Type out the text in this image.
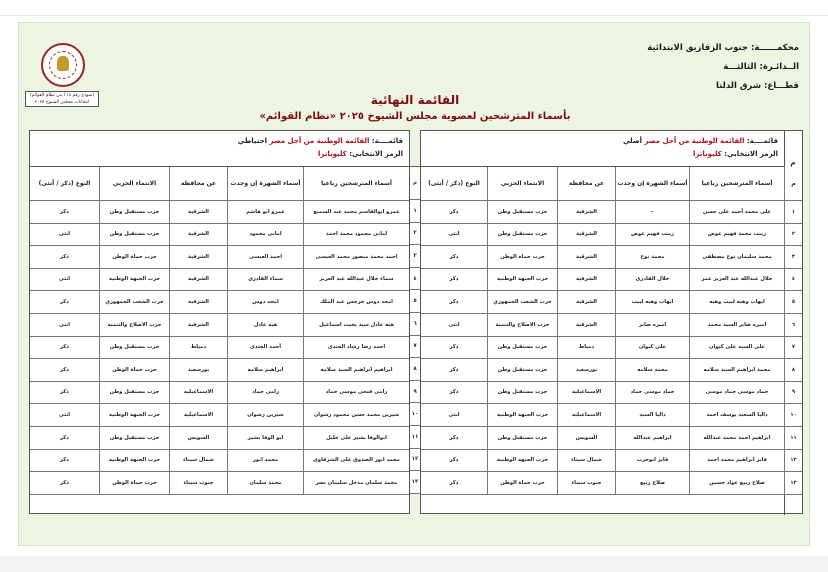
محكمــــــة: جنوب الزقازيق الابتدائية
الــدائـرة: الثالثـــة
قطـــاع: شرق الدلتا
(نموذج رقم ١٨ أ من نظام القوائم)
انتخابات مجلس الشيوخ ٢٠٢٥	القائمة النهائية
بأسماء المترشحين لعضوية مجلس الشيوخ ٢٠٢٥ «نظام القوائم»
م
قائمــــة: القائمة الوطنية من أجل مصر أصلي
الرمز الانتخابي: كليوباترا
م
أسماء المترشحين رباعيا
أسماء الشهرة إن وجدت
عن محافظة
الانتماء الحزبي
النوع (ذكر / أنثى)
١
على محمد أحمد على حسن
-
الشرقية
حزب مستقبل وطن
ذكر
٢
زينب محمد فهيم عوض
زينب فهيم عوض
الشرقية
حزب مستقبل وطن
انثى
٣
محمد سليمان نوح مصطفى
محمد نوح
الشرقية
حزب حماة الوطن
ذكر
٤
جلال عبدالله عبد العزيز عمر
جلال القادرى
الشرقية
حزب الجبهة الوطنية
ذكر
٥
ايهاب وهبه لبيب وهبه
ايهاب وهبه لبيب
الشرقية
حزب الشعب الجمهوري
ذكر
٦
اميره صابر السيد محمد
اميره صابر
الشرقية
حزب الاصلاح والتنمية
انثى
٧
على السيد على كيوان
على كيوان
دمياط
حزب مستقبل وطن
ذكر
٨
محمد ابراهيم السيد سلامه
محمد سلامه
بورسعيد
حزب مستقبل وطن
ذكر
٩
حماد موسى حماد موسى
حماد موسى حماد
الاسماعيلية
حزب مستقبل وطن
ذكر
١٠
داليا السعيد يوسف احمد
داليا السيد
الاسماعيلية
حزب الجبهة الوطنية
انثى
١١
ابراهيم احمد محمد عبدالله
ابراهيم عبدالله
السويس
حزب مستقبل وطن
ذكر
١٢
فايز ابراهيم محمد احمد
فايز ابوحرب
شمال سيناء
حزب الجبهة الوطنية
ذكر
١٣
صلاح ربيع عواد حسين
صلاح ربيع
جنوب سيناء
حزب حماة الوطن
ذكر
م
١
٢
٣
٤
٥
٦
٧
٨
٩
١٠
١١
١٢
١٣
قائمــــة: القائمة الوطنية من أجل مصر احتياطي
الرمز الانتخابي: كليوباترا
أسماء المترشحين رباعيا
أسماء الشهرة إن وجدت
عن محافظة
الانتماء الحزبي
النوع (ذكر / أنثى)
عمرو ابوالقاسم محمد عبد السميع
عمرو ابو هاشم
الشرقية
حزب مستقبل وطن
ذكر
امانى محمود محمد احمد
امانى محمود
الشرقية
حزب مستقبل وطن
انثى
احمد محمد منصور محمد العيسى
احمد العيسى
الشرقية
حزب حماة الوطن
ذكر
سماء جلال عبدالله عبد العزيز
سماء القادرى
الشرقية
حزب الجبهة الوطنية
انثى
امجد دوس جرجس عبد الملك
امجد دوس
الشرقية
حزب الشعب الجمهوري
ذكر
هبه عادل سيد بخيت اسماعيل
هبة عادل
الشرقية
حزب الاصلاح والتنمية
انثى
احمد رضا رشاد الجندى
أحمد الجندى
دمياط
حزب مستقبل وطن
ذكر
ابراهيم ابراهيم السيد سلامه
ابراهيم سلامه
بورسعيد
حزب حماة الوطن
ذكر
رامى فتحى موسى حماد
رامى حماد
الاسماعيلية
حزب مستقبل وطن
ذكر
شيرين محمد حسن محمود رشوان
شيرين رشوان
الاسماعيلية
حزب الجبهة الوطنية
انثى
ابوالوفا بشير على خليل
ابو الوفا بشير
السويس
حزب مستقبل وطن
ذكر
محمد انور الصدوق على الشرقاوى
محمد انور
شمال سيناء
حزب الجبهة الوطنية
ذكر
محمد سلمان مدخل سليمان نصر
محمد سلمان
جنوب سيناء
حزب حماة الوطن
ذكر
